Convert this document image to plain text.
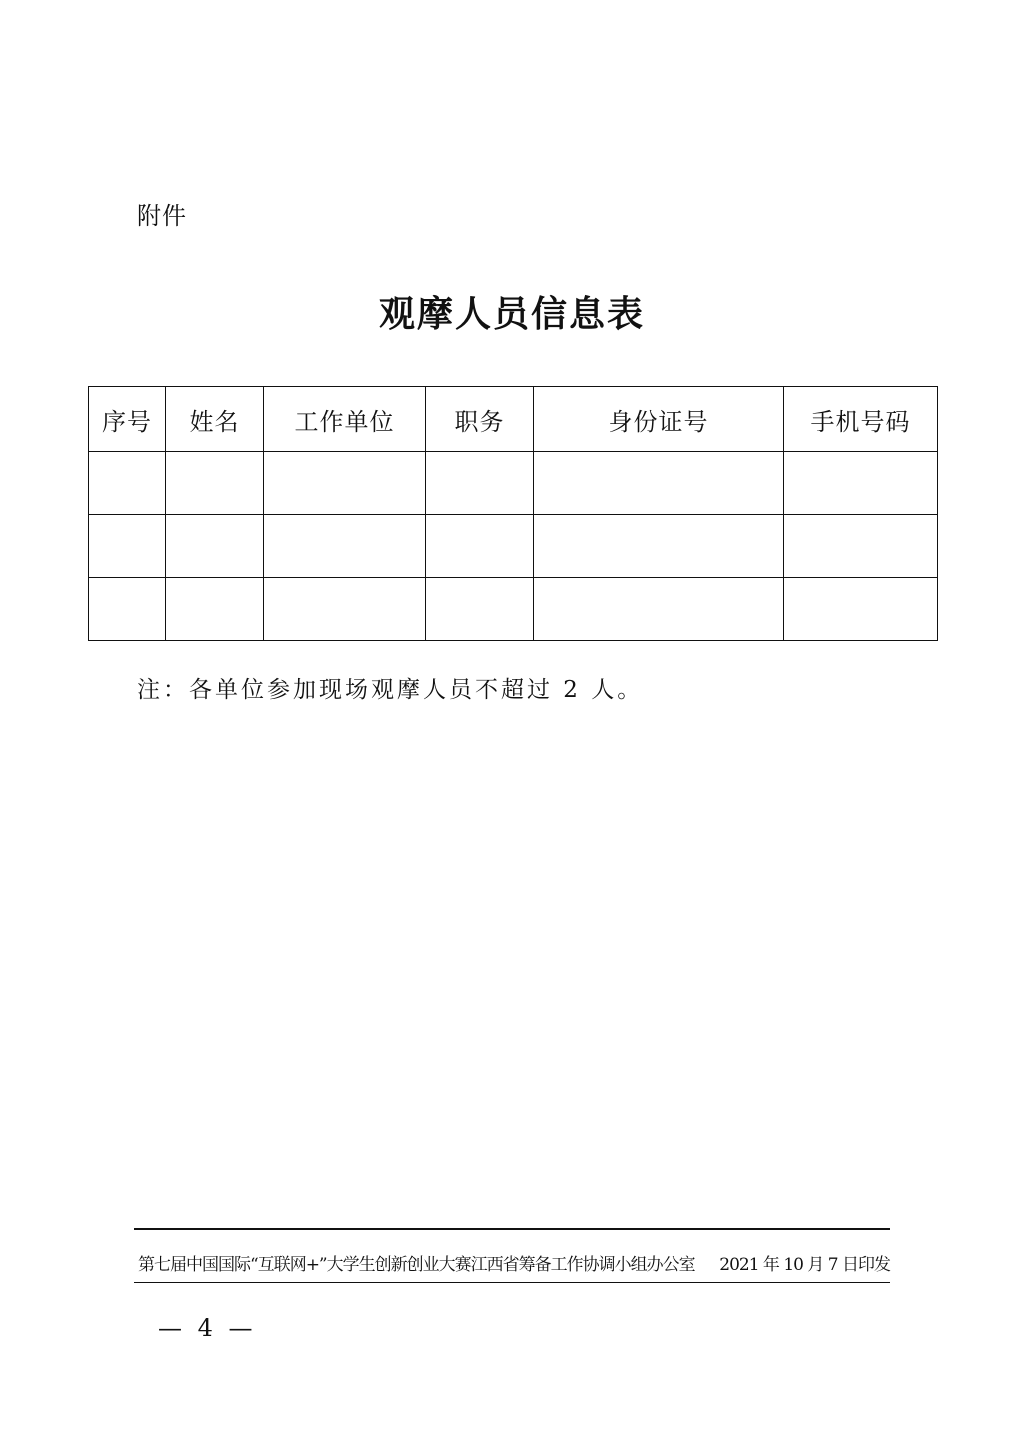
附件
观摩人员信息表
序号	姓名	工作单位	职务	身份证号	手机号码

注：各单位参加现场观摩人员不超过 2 人。
第七届中国国际“互联网+”大学生创新创业大赛江西省筹备工作协调小组办公室 2021 年 10 月 7 日印发
— 4 —
